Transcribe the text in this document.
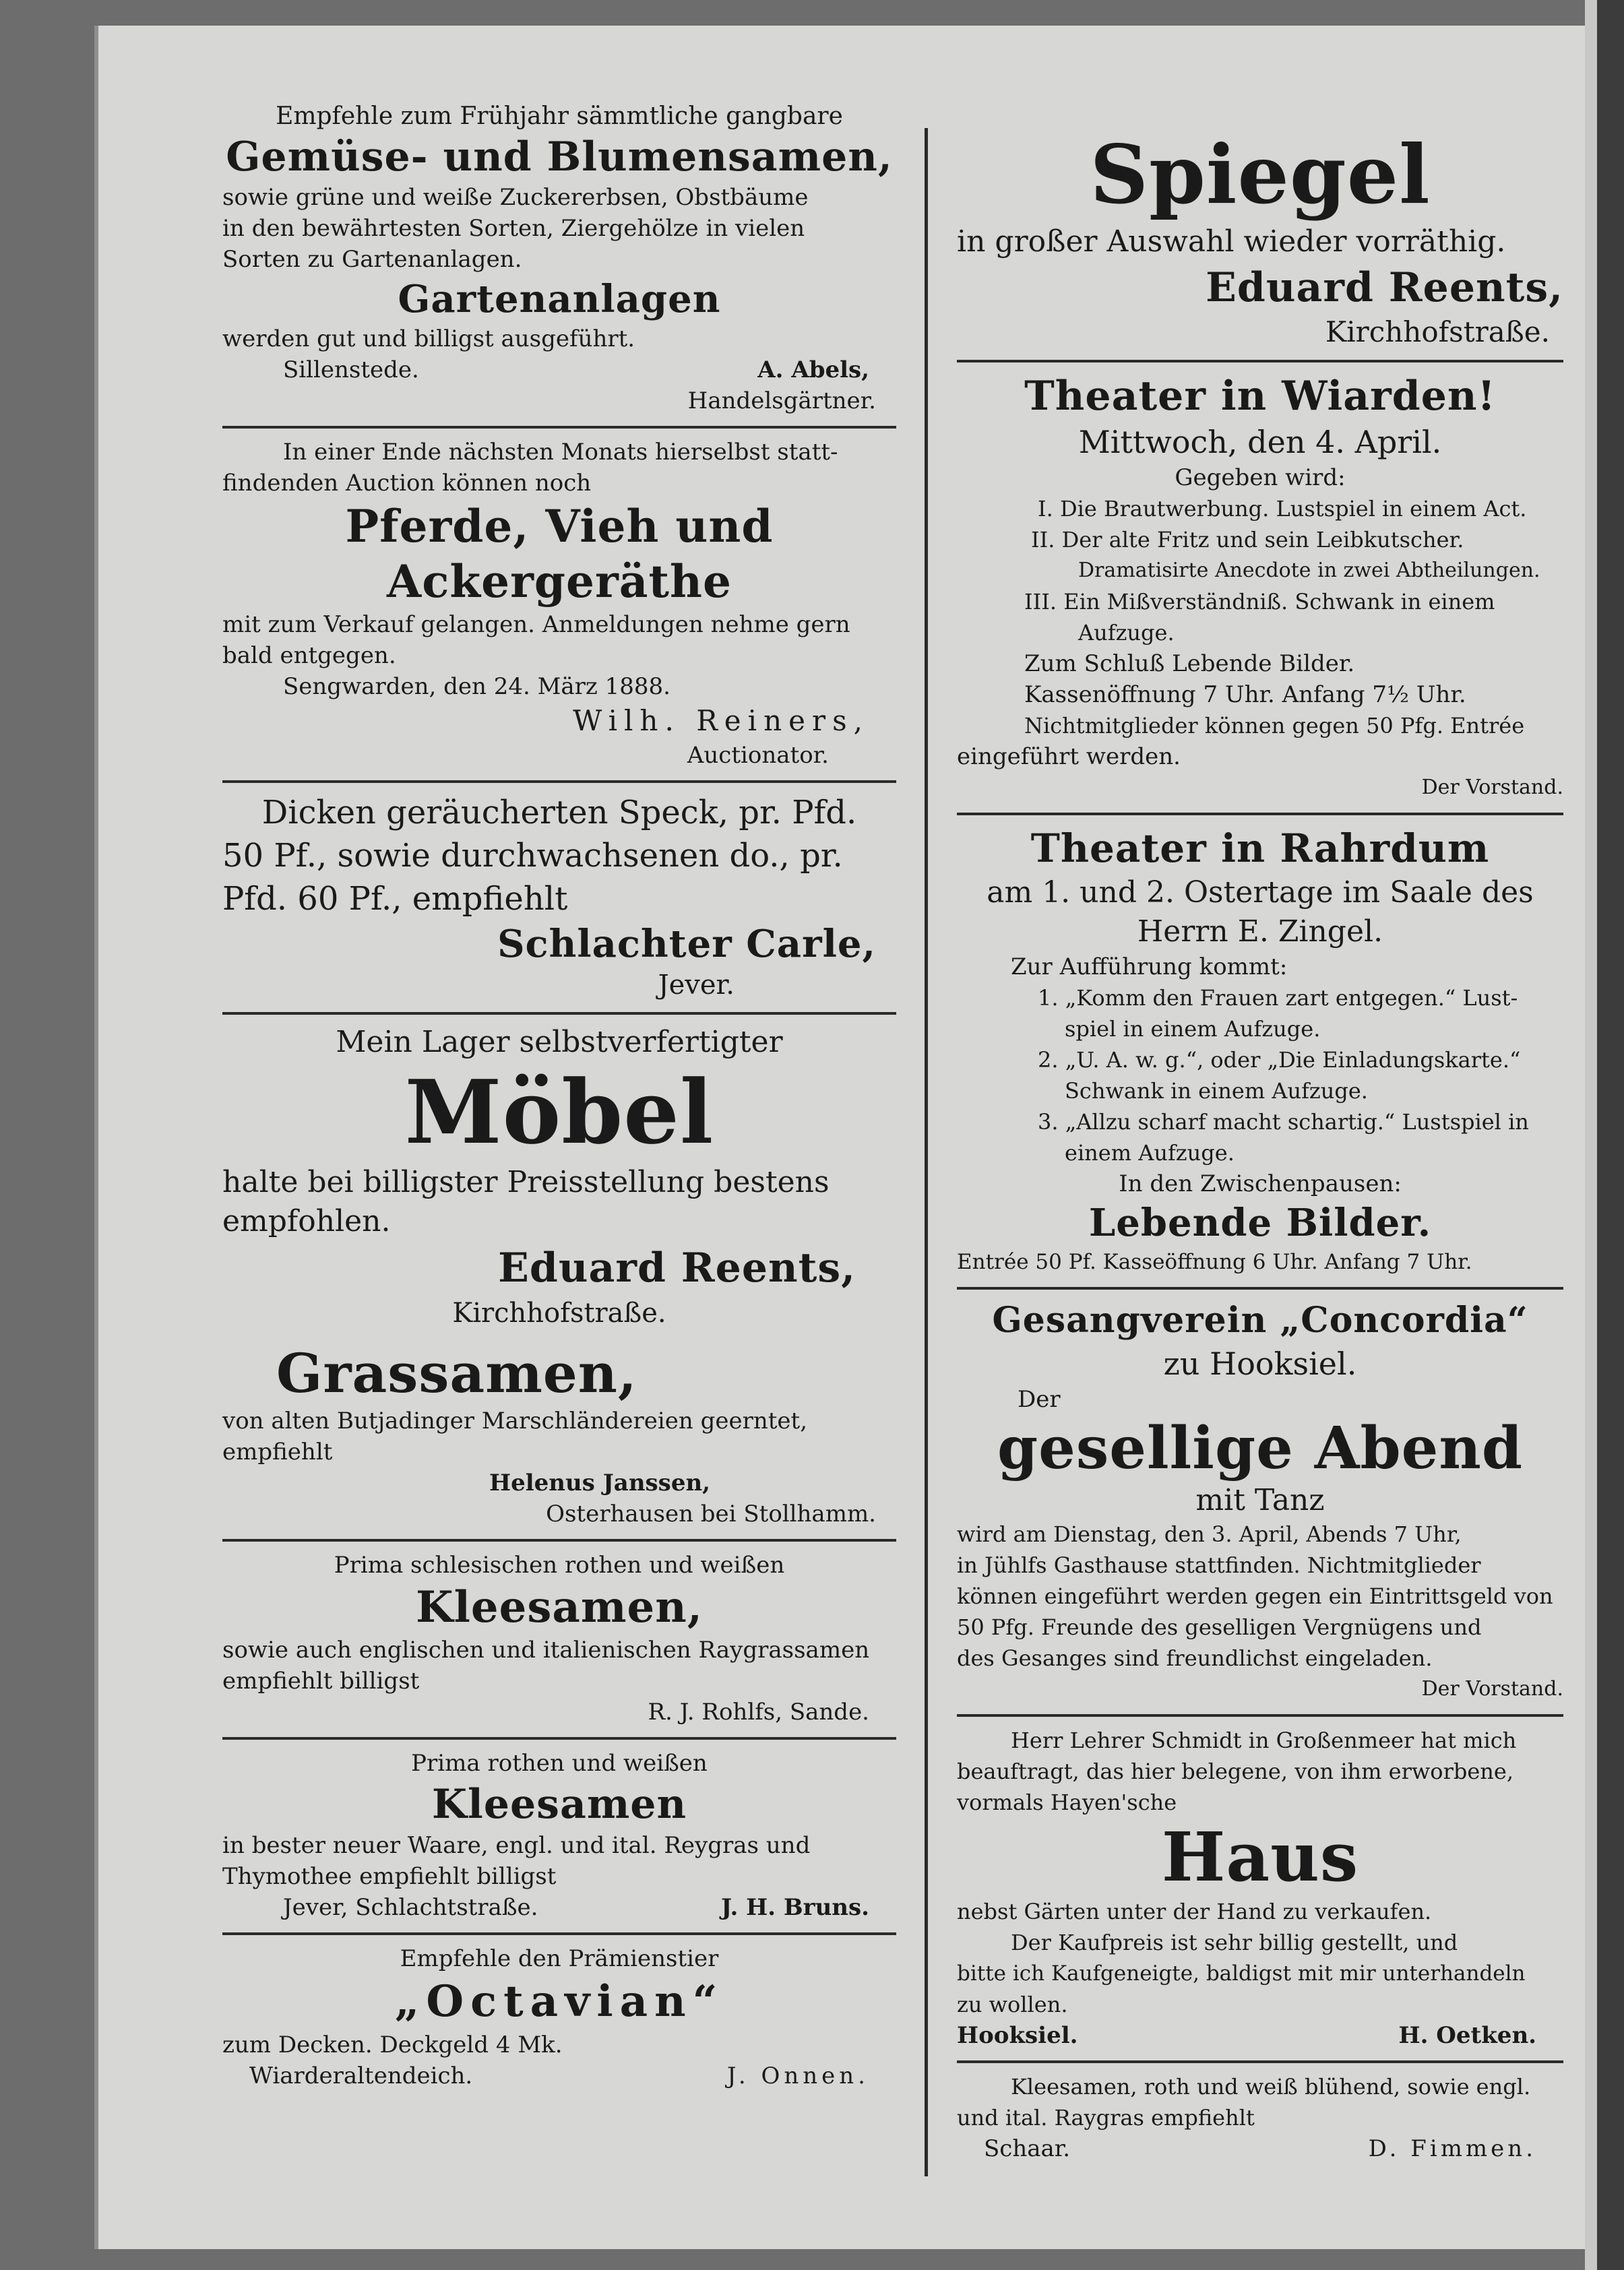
Empfehle zum Frühjahr sämmtliche gangbare

Gemüse- und Blumensamen,

sowie grüne und weiße Zuckererbsen, Obstbäume

in den bewährtesten Sorten, Ziergehölze in vielen

Sorten zu Gartenanlagen.

Gartenanlagen

werden gut und billigst ausgeführt.

Sillenstede.	A. Abels,

Handelsgärtner.

In einer Ende nächsten Monats hierselbst statt-

findenden Auction können noch

Pferde, Vieh und

Ackergeräthe

mit zum Verkauf gelangen. Anmeldungen nehme gern

bald entgegen.

Sengwarden, den 24. März 1888.

Wilh. Reiners,

Auctionator.

Dicken geräucherten Speck, pr. Pfd.

50 Pf., sowie durchwachsenen do., pr.

Pfd. 60 Pf., empfiehlt

Schlachter Carle,

Jever.

Mein Lager selbstverfertigter

Möbel

halte bei billigster Preisstellung bestens

empfohlen.

Eduard Reents,

Kirchhofstraße.

Grassamen,

von alten Butjadinger Marschländereien geerntet,

empfiehlt

Helenus Janssen,

Osterhausen bei Stollhamm.

Prima schlesischen rothen und weißen

Kleesamen,

sowie auch englischen und italienischen Raygrassamen

empfiehlt billigst

R. J. Rohlfs, Sande.

Prima rothen und weißen

Kleesamen

in bester neuer Waare, engl. und ital. Reygras und

Thymothee empfiehlt billigst

Jever, Schlachtstraße.	J. H. Bruns.

Empfehle den Prämienstier

„Octavian“

zum Decken. Deckgeld 4 Mk.

Wiarderaltendeich.	J. Onnen.

Spiegel

in großer Auswahl wieder vorräthig.

Eduard Reents,

Kirchhofstraße.

Theater in Wiarden!

Mittwoch, den 4. April.

Gegeben wird:

I. Die Brautwerbung. Lustspiel in einem Act.

II. Der alte Fritz und sein Leibkutscher.

Dramatisirte Anecdote in zwei Abtheilungen.

III. Ein Mißverständniß. Schwank in einem

Aufzuge.

Zum Schluß Lebende Bilder.

Kassenöffnung 7 Uhr. Anfang 7½ Uhr.

Nichtmitglieder können gegen 50 Pfg. Entrée

eingeführt werden.

Der Vorstand.

Theater in Rahrdum

am 1. und 2. Ostertage im Saale des

Herrn E. Zingel.

Zur Aufführung kommt:

1. „Komm den Frauen zart entgegen.“ Lust-

spiel in einem Aufzuge.

2. „U. A. w. g.“, oder „Die Einladungskarte.“

Schwank in einem Aufzuge.

3. „Allzu scharf macht schartig.“ Lustspiel in

einem Aufzuge.

In den Zwischenpausen:

Lebende Bilder.

Entrée 50 Pf. Kasseöffnung 6 Uhr. Anfang 7 Uhr.

Gesangverein „Concordia“

zu Hooksiel.

Der

gesellige Abend

mit Tanz

wird am Dienstag, den 3. April, Abends 7 Uhr,

in Jühlfs Gasthause stattfinden. Nichtmitglieder

können eingeführt werden gegen ein Eintrittsgeld von

50 Pfg. Freunde des geselligen Vergnügens und

des Gesanges sind freundlichst eingeladen.

Der Vorstand.

Herr Lehrer Schmidt in Großenmeer hat mich

beauftragt, das hier belegene, von ihm erworbene,

vormals Hayen'sche

Haus

nebst Gärten unter der Hand zu verkaufen.

Der Kaufpreis ist sehr billig gestellt, und

bitte ich Kaufgeneigte, baldigst mit mir unterhandeln

zu wollen.

Hooksiel.	H. Oetken.

Kleesamen, roth und weiß blühend, sowie engl.

und ital. Raygras empfiehlt

Schaar.	D. Fimmen.
